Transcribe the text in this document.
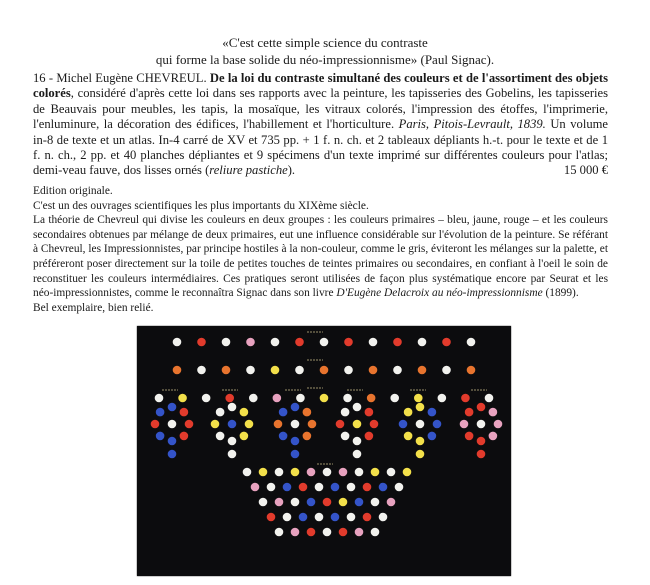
«C'est cette simple science du contraste
qui forme la base solide du néo-impressionnisme» (Paul Signac).
16 - Michel Eugène CHEVREUL. De la loi du contraste simultané des couleurs et de l'assortiment des objets colorés, considéré d'après cette loi dans ses rapports avec la peinture, les tapisseries des Gobelins, les tapisseries de Beauvais pour meubles, les tapis, la mosaïque, les vitraux colorés, l'impression des étoffes, l'imprimerie, l'enluminure, la décoration des édifices, l'habillement et l'horticulture. Paris, Pitois-Levrault, 1839. Un volume in-8 de texte et un atlas. In-4 carré de XV et 735 pp. + 1 f. n. ch. et 2 tableaux dépliants h.-t. pour le texte et de 1 f. n. ch., 2 pp. et 40 planches dépliantes et 9 spécimens d'un texte imprimé sur différentes couleurs pour l'atlas; demi-veau fauve, dos lisses ornés (reliure pastiche).	15 000 €

Edition originale.

C'est un des ouvrages scientifiques les plus importants du XIXème siècle.

La théorie de Chevreul qui divise les couleurs en deux groupes : les couleurs primaires – bleu, jaune, rouge – et les couleurs secondaires obtenues par mélange de deux primaires, eut une influence considérable sur l'évolution de la peinture. Se référant à Chevreul, les Impressionnistes, par principe hostiles à la non-couleur, comme le gris, éviteront les mélanges sur la palette, et préféreront poser directement sur la toile de petites touches de teintes primaires ou secondaires, en confiant à l'oeil le soin de reconstituer les couleurs intermédiaires. Ces pratiques seront utilisées de façon plus systématique encore par Seurat et les néo-impressionnistes, comme le reconnaîtra Signac dans son livre D'Eugène Delacroix au néo-impressionnisme (1899).

Bel exemplaire, bien relié.
